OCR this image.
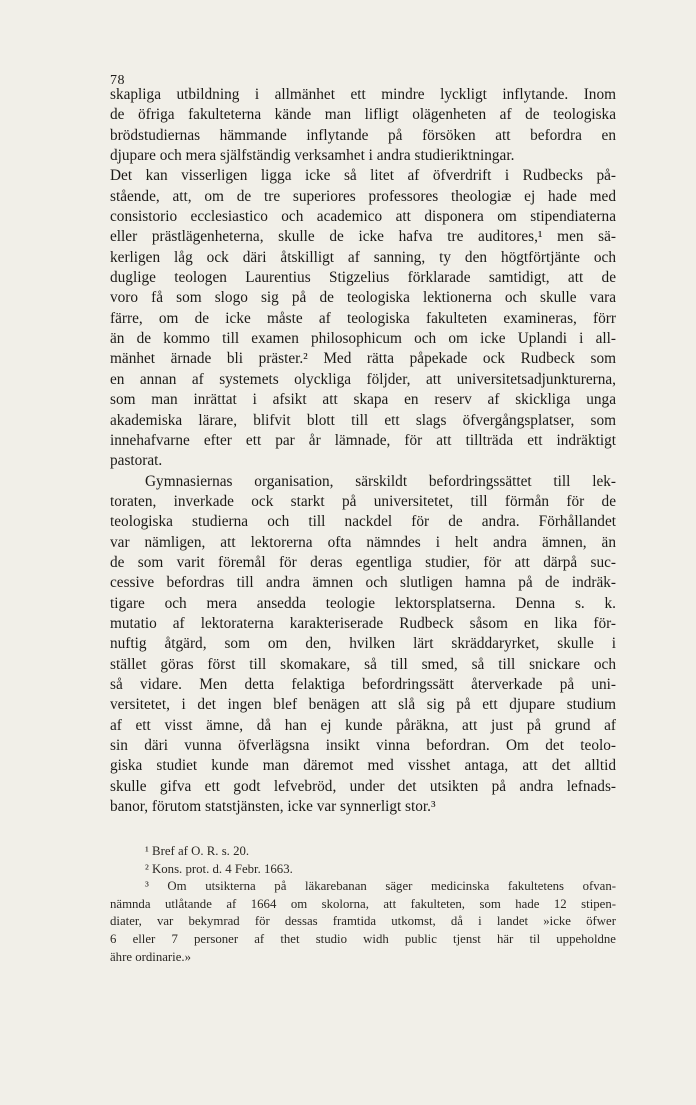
78
skapliga utbildning i allmänhet ett mindre lyckligt inflytande. Inom
de öfriga fakulteterna kände man lifligt olägenheten af de teologiska
brödstudiernas hämmande inflytande på försöken att befordra en
djupare och mera själfständig verksamhet i andra studieriktningar.
Det kan visserligen ligga icke så litet af öfverdrift i Rudbecks på-
stående, att, om de tre superiores professores theologiæ ej hade med
consistorio ecclesiastico och academico att disponera om stipendiaterna
eller prästlägenheterna, skulle de icke hafva tre auditores,¹ men sä-
kerligen låg ock däri åtskilligt af sanning, ty den högtförtjänte och
duglige teologen Laurentius Stigzelius förklarade samtidigt, att de
voro få som slogo sig på de teologiska lektionerna och skulle vara
färre, om de icke måste af teologiska fakulteten examineras, förr
än de kommo till examen philosophicum och om icke Uplandi i all-
mänhet ärnade bli präster.² Med rätta påpekade ock Rudbeck som
en annan af systemets olyckliga följder, att universitetsadjunkturerna,
som man inrättat i afsikt att skapa en reserv af skickliga unga
akademiska lärare, blifvit blott till ett slags öfvergångsplatser, som
innehafvarne efter ett par år lämnade, för att tillträda ett indräktigt
pastorat.
Gymnasiernas organisation, särskildt befordringssättet till lek-
toraten, inverkade ock starkt på universitetet, till förmån för de
teologiska studierna och till nackdel för de andra. Förhållandet
var nämligen, att lektorerna ofta nämndes i helt andra ämnen, än
de som varit föremål för deras egentliga studier, för att därpå suc-
cessive befordras till andra ämnen och slutligen hamna på de indräk-
tigare och mera ansedda teologie lektorsplatserna. Denna s. k.
mutatio af lektoraterna karakteriserade Rudbeck såsom en lika för-
nuftig åtgärd, som om den, hvilken lärt skräddaryrket, skulle i
stället göras först till skomakare, så till smed, så till snickare och
så vidare. Men detta felaktiga befordringssätt återverkade på uni-
versitetet, i det ingen blef benägen att slå sig på ett djupare studium
af ett visst ämne, då han ej kunde påräkna, att just på grund af
sin däri vunna öfverlägsna insikt vinna befordran. Om det teolo-
giska studiet kunde man däremot med visshet antaga, att det alltid
skulle gifva ett godt lefvebröd, under det utsikten på andra lefnads-
banor, förutom statstjänsten, icke var synnerligt stor.³
¹ Bref af O. R. s. 20.
² Kons. prot. d. 4 Febr. 1663.
³ Om utsikterna på läkarebanan säger medicinska fakultetens ofvan-
nämnda utlåtande af 1664 om skolorna, att fakulteten, som hade 12 stipen-
diater, var bekymrad för dessas framtida utkomst, då i landet »icke öfwer
6 eller 7 personer af thet studio widh public tjenst här til uppeholdne
ähre ordinarie.»
